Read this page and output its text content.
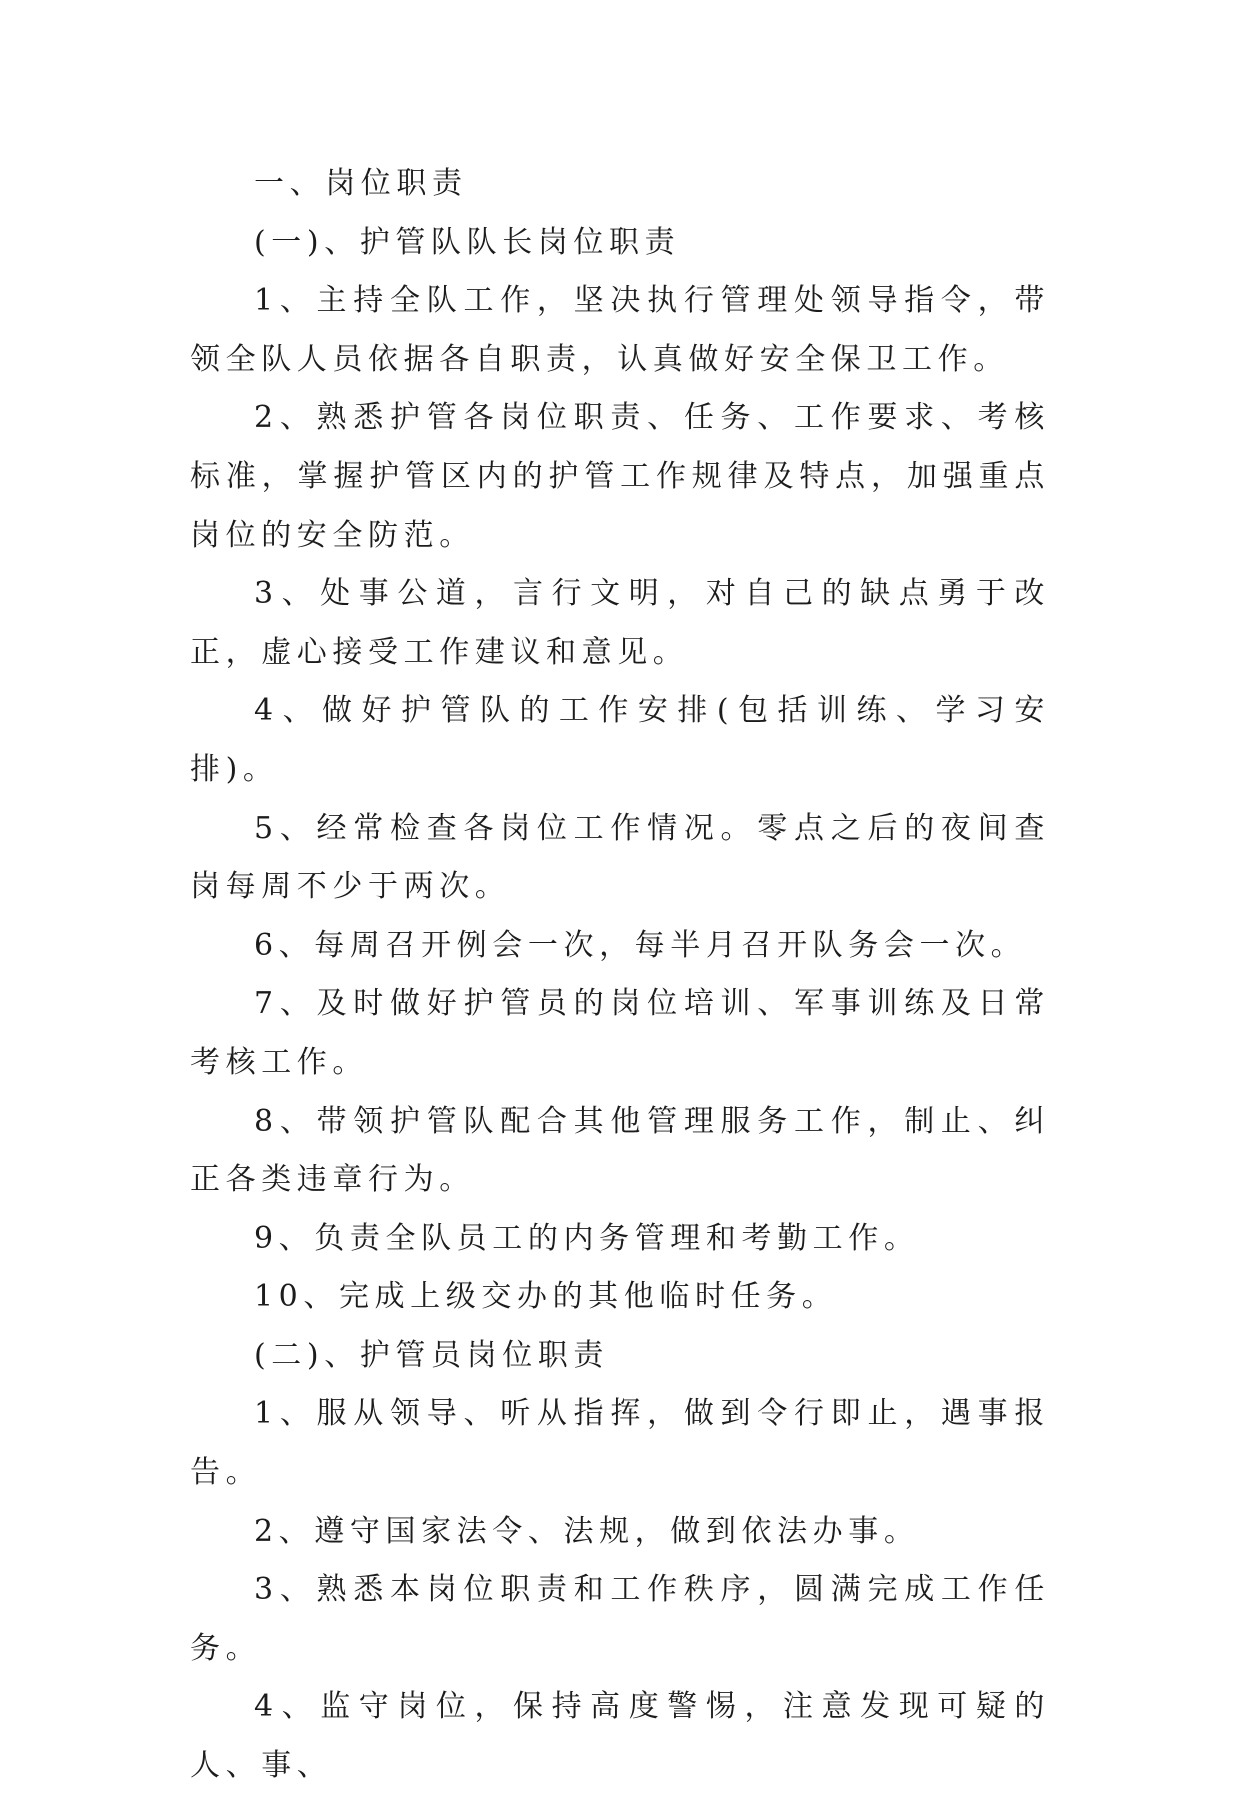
一、岗位职责

(一)、护管队队长岗位职责

1、主持全队工作，坚决执行管理处领导指令，带领全队人员依据各自职责，认真做好安全保卫工作。

2、熟悉护管各岗位职责、任务、工作要求、考核标准，掌握护管区内的护管工作规律及特点，加强重点岗位的安全防范。

3、处事公道，言行文明，对自己的缺点勇于改正，虚心接受工作建议和意见。

4、做好护管队的工作安排(包括训练、学习安排)。

5、经常检查各岗位工作情况。零点之后的夜间查岗每周不少于两次。

6、每周召开例会一次，每半月召开队务会一次。

7、及时做好护管员的岗位培训、军事训练及日常考核工作。

8、带领护管队配合其他管理服务工作，制止、纠正各类违章行为。

9、负责全队员工的内务管理和考勤工作。

10、完成上级交办的其他临时任务。

(二)、护管员岗位职责

1、服从领导、听从指挥，做到令行即止，遇事报告。

2、遵守国家法令、法规，做到依法办事。

3、熟悉本岗位职责和工作秩序，圆满完成工作任务。

4、监守岗位，保持高度警惕，注意发现可疑的人、事、
